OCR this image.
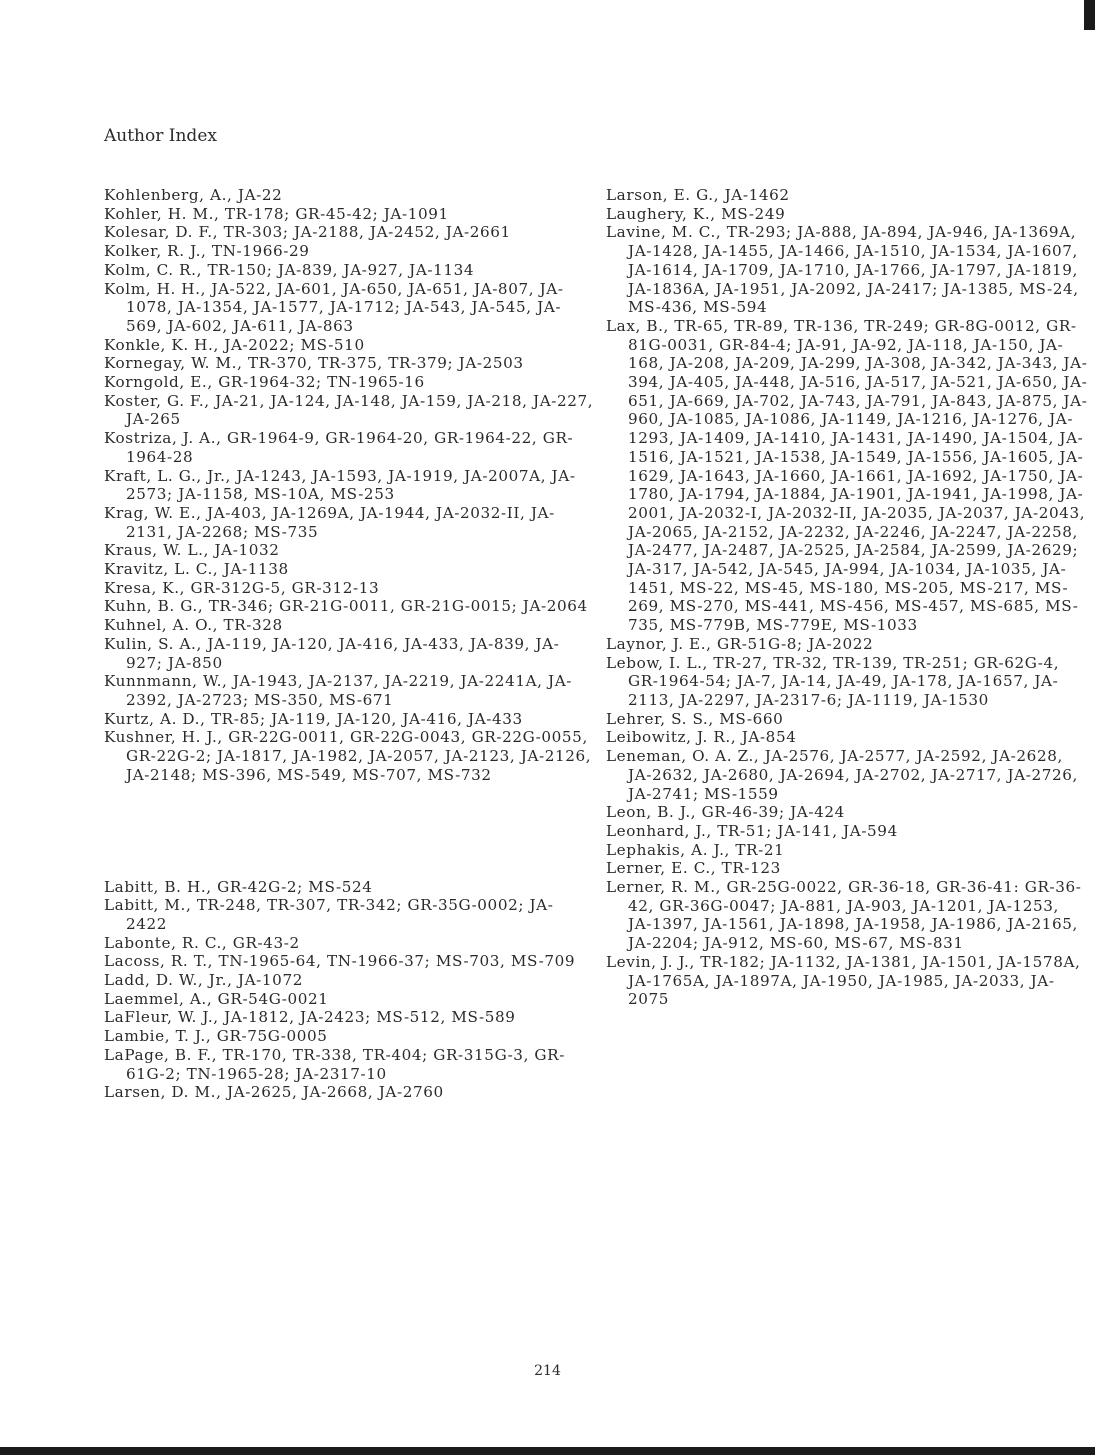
Author Index

Kohlenberg, A., JA-22

Kohler, H. M., TR-178; GR-45-42; JA-1091

Kolesar, D. F., TR-303; JA-2188, JA-2452, JA-2661

Kolker, R. J., TN-1966-29

Kolm, C. R., TR-150; JA-839, JA-927, JA-1134

Kolm, H. H., JA-522, JA-601, JA-650, JA-651, JA-807, JA-1078, JA-1354, JA-1577, JA-1712; JA-543, JA-545, JA-569, JA-602, JA-611, JA-863

Konkle, K. H., JA-2022; MS-510

Kornegay, W. M., TR-370, TR-375, TR-379; JA-2503

Korngold, E., GR-1964-32; TN-1965-16

Koster, G. F., JA-21, JA-124, JA-148, JA-159, JA-218, JA-227, JA-265

Kostriza, J. A., GR-1964-9, GR-1964-20, GR-1964-22, GR-1964-28

Kraft, L. G., Jr., JA-1243, JA-1593, JA-1919, JA-2007A, JA-2573; JA-1158, MS-10A, MS-253

Krag, W. E., JA-403, JA-1269A, JA-1944, JA-2032-II, JA-2131, JA-2268; MS-735

Kraus, W. L., JA-1032

Kravitz, L. C., JA-1138

Kresa, K., GR-312G-5, GR-312-13

Kuhn, B. G., TR-346; GR-21G-0011, GR-21G-0015; JA-2064

Kuhnel, A. O., TR-328

Kulin, S. A., JA-119, JA-120, JA-416, JA-433, JA-839, JA-927; JA-850

Kunnmann, W., JA-1943, JA-2137, JA-2219, JA-2241A, JA-2392, JA-2723; MS-350, MS-671

Kurtz, A. D., TR-85; JA-119, JA-120, JA-416, JA-433

Kushner, H. J., GR-22G-0011, GR-22G-0043, GR-22G-0055, GR-22G-2; JA-1817, JA-1982, JA-2057, JA-2123, JA-2126, JA-2148; MS-396, MS-549, MS-707, MS-732

Labitt, B. H., GR-42G-2; MS-524

Labitt, M., TR-248, TR-307, TR-342; GR-35G-0002; JA-2422

Labonte, R. C., GR-43-2

Lacoss, R. T., TN-1965-64, TN-1966-37; MS-703, MS-709

Ladd, D. W., Jr., JA-1072

Laemmel, A., GR-54G-0021

LaFleur, W. J., JA-1812, JA-2423; MS-512, MS-589

Lambie, T. J., GR-75G-0005

LaPage, B. F., TR-170, TR-338, TR-404; GR-315G-3, GR-61G-2; TN-1965-28; JA-2317-10

Larsen, D. M., JA-2625, JA-2668, JA-2760

Larson, E. G., JA-1462

Laughery, K., MS-249

Lavine, M. C., TR-293; JA-888, JA-894, JA-946, JA-1369A, JA-1428, JA-1455, JA-1466, JA-1510, JA-1534, JA-1607, JA-1614, JA-1709, JA-1710, JA-1766, JA-1797, JA-1819, JA-1836A, JA-1951, JA-2092, JA-2417; JA-1385, MS-24, MS-436, MS-594

Lax, B., TR-65, TR-89, TR-136, TR-249; GR-8G-0012, GR-81G-0031, GR-84-4; JA-91, JA-92, JA-118, JA-150, JA-168, JA-208, JA-209, JA-299, JA-308, JA-342, JA-343, JA-394, JA-405, JA-448, JA-516, JA-517, JA-521, JA-650, JA-651, JA-669, JA-702, JA-743, JA-791, JA-843, JA-875, JA-960, JA-1085, JA-1086, JA-1149, JA-1216, JA-1276, JA-1293, JA-1409, JA-1410, JA-1431, JA-1490, JA-1504, JA-1516, JA-1521, JA-1538, JA-1549, JA-1556, JA-1605, JA-1629, JA-1643, JA-1660, JA-1661, JA-1692, JA-1750, JA-1780, JA-1794, JA-1884, JA-1901, JA-1941, JA-1998, JA-2001, JA-2032-I, JA-2032-II, JA-2035, JA-2037, JA-2043, JA-2065, JA-2152, JA-2232, JA-2246, JA-2247, JA-2258, JA-2477, JA-2487, JA-2525, JA-2584, JA-2599, JA-2629; JA-317, JA-542, JA-545, JA-994, JA-1034, JA-1035, JA-1451, MS-22, MS-45, MS-180, MS-205, MS-217, MS-269, MS-270, MS-441, MS-456, MS-457, MS-685, MS-735, MS-779B, MS-779E, MS-1033

Laynor, J. E., GR-51G-8; JA-2022

Lebow, I. L., TR-27, TR-32, TR-139, TR-251; GR-62G-4, GR-1964-54; JA-7, JA-14, JA-49, JA-178, JA-1657, JA-2113, JA-2297, JA-2317-6; JA-1119, JA-1530

Lehrer, S. S., MS-660

Leibowitz, J. R., JA-854

Leneman, O. A. Z., JA-2576, JA-2577, JA-2592, JA-2628, JA-2632, JA-2680, JA-2694, JA-2702, JA-2717, JA-2726, JA-2741; MS-1559

Leon, B. J., GR-46-39; JA-424

Leonhard, J., TR-51; JA-141, JA-594

Lephakis, A. J., TR-21

Lerner, E. C., TR-123

Lerner, R. M., GR-25G-0022, GR-36-18, GR-36-41: GR-36-42, GR-36G-0047; JA-881, JA-903, JA-1201, JA-1253, JA-1397, JA-1561, JA-1898, JA-1958, JA-1986, JA-2165, JA-2204; JA-912, MS-60, MS-67, MS-831

Levin, J. J., TR-182; JA-1132, JA-1381, JA-1501, JA-1578A, JA-1765A, JA-1897A, JA-1950, JA-1985, JA-2033, JA-2075

214
